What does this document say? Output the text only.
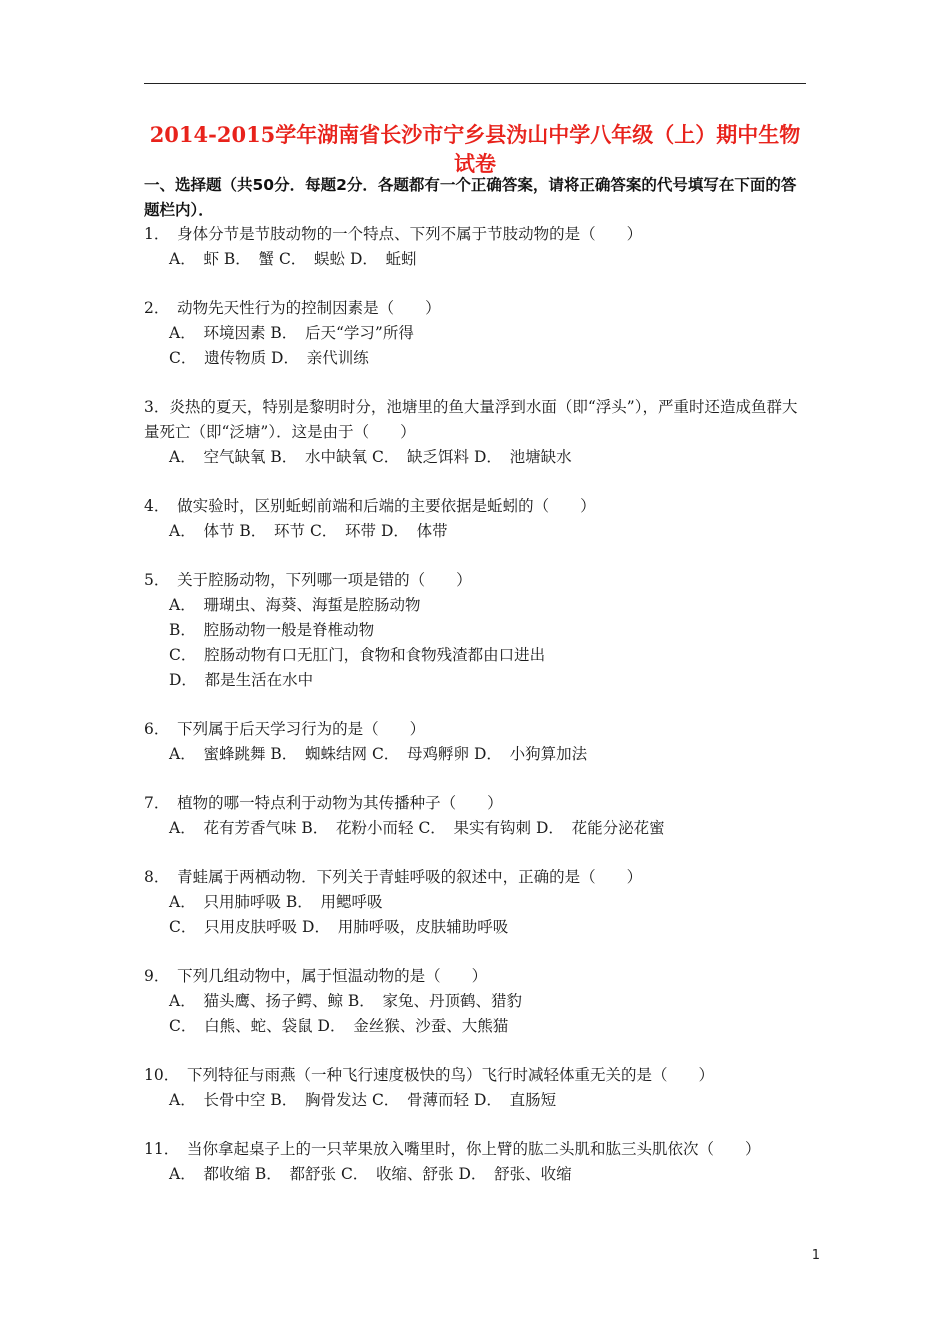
2014-2015学年湖南省长沙市宁乡县沩山中学八年级（上）期中生物
试卷
一、选择题（共50分．每题2分．各题都有一个正确答案，请将正确答案的代号填写在下面的答题栏内）．
1．　身体分节是节肢动物的一个特点、下列不属于节肢动物的是（　　）
A．　虾 B．　蟹 C．　蜈蚣 D．　蚯蚓
2．　动物先天性行为的控制因素是（　　）
A．　环境因素 B．　后天“学习”所得
C．　遗传物质 D．　亲代训练
3．炎热的夏天，特别是黎明时分，池塘里的鱼大量浮到水面（即“浮头”），严重时还造成鱼群大量死亡（即“泛塘”）．这是由于（　　）
A．　空气缺氧 B．　水中缺氧 C．　缺乏饵料 D．　池塘缺水
4．　做实验时，区别蚯蚓前端和后端的主要依据是蚯蚓的（　　）
A．　体节 B．　环节 C．　环带 D．　体带
5．　关于腔肠动物，下列哪一项是错的（　　）
A．　珊瑚虫、海葵、海蜇是腔肠动物
B．　腔肠动物一般是脊椎动物
C．　腔肠动物有口无肛门，食物和食物残渣都由口进出
D．　都是生活在水中
6．　下列属于后天学习行为的是（　　）
A．　蜜蜂跳舞 B．　蜘蛛结网 C．　母鸡孵卵 D．　小狗算加法
7．　植物的哪一特点利于动物为其传播种子（　　）
A．　花有芳香气味 B．　花粉小而轻 C．　果实有钩刺 D．　花能分泌花蜜
8．　青蛙属于两栖动物．下列关于青蛙呼吸的叙述中，正确的是（　　）
A．　只用肺呼吸 B．　用鳃呼吸
C．　只用皮肤呼吸 D．　用肺呼吸，皮肤辅助呼吸
9．　下列几组动物中，属于恒温动物的是（　　）
A．　猫头鹰、扬子鳄、鲸 B．　家兔、丹顶鹤、猎豹
C．　白熊、蛇、袋鼠 D．　金丝猴、沙蚕、大熊猫
10．　下列特征与雨燕（一种飞行速度极快的鸟）飞行时减轻体重无关的是（　　）
A．　长骨中空 B．　胸骨发达 C．　骨薄而轻 D．　直肠短
11．　当你拿起桌子上的一只苹果放入嘴里时，你上臂的肱二头肌和肱三头肌依次（　　）
A．　都收缩 B．　都舒张 C．　收缩、舒张 D．　舒张、收缩
1
